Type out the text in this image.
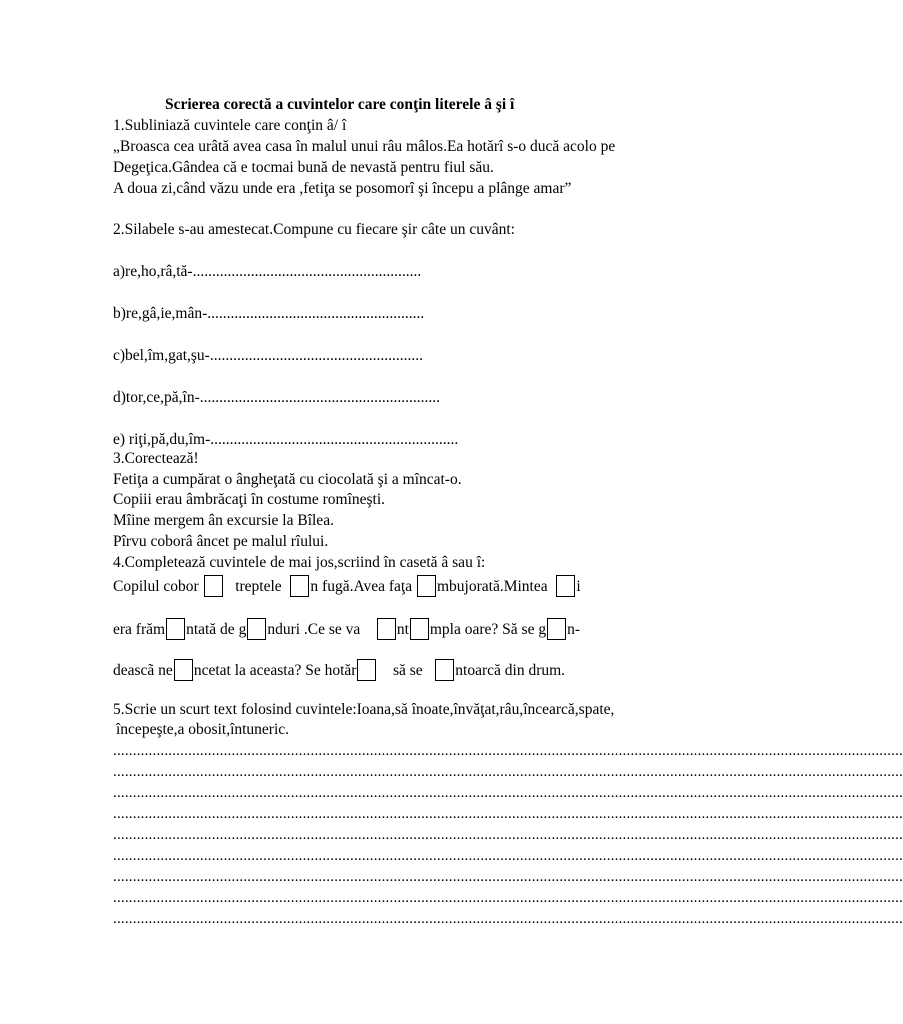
Scrierea corectă a cuvintelor care conţin literele â şi î
1.Subliniază cuvintele care conţin â/ î
„Broasca cea urâtă avea casa în malul unui râu mâlos.Ea hotărî s-o ducă acolo pe
Degeţica.Gândea că e tocmai bună de nevastă pentru fiul său.
A doua zi,când văzu unde era ,fetiţa se posomorî şi începu a plânge amar”
2.Silabele s-au amestecat.Compune cu fiecare şir câte un cuvânt:
a)re,ho,râ,tă-...........................................................
b)re,gâ,ie,mân-........................................................
c)bel,îm,gat,şu-.......................................................
d)tor,ce,pă,în-..............................................................
e) riţi,pă,du,îm-................................................................
3.Corectează!
Fetiţa a cumpărat o ângheţată cu ciocolată şi a mîncat-o.
Copiii erau âmbrăcaţi în costume romîneşti.
Mîine mergem ân excursie la Bîlea.
Pîrvu coborâ âncet pe malul rîului.
4.Completează cuvintele de mai jos,scriind în casetă â sau î:
Copilul cobor treptele n fugă.Avea faţa mbujorată.Mintea i
era frăm ntată de g nduri .Ce se va nt mpla oare? Să se g n-
deascã ne ncetat la aceasta? Se hotăr să se ntoarcă din drum.
5.Scrie un scurt text folosind cuvintele:Ioana,să înoate,învăţat,râu,încearcă,spate,
începeşte,a obosit,întuneric.
........................................................................................................................................................................................................
........................................................................................................................................................................................................
........................................................................................................................................................................................................
........................................................................................................................................................................................................
........................................................................................................................................................................................................
........................................................................................................................................................................................................
........................................................................................................................................................................................................
........................................................................................................................................................................................................
........................................................................................................................................................................................................
